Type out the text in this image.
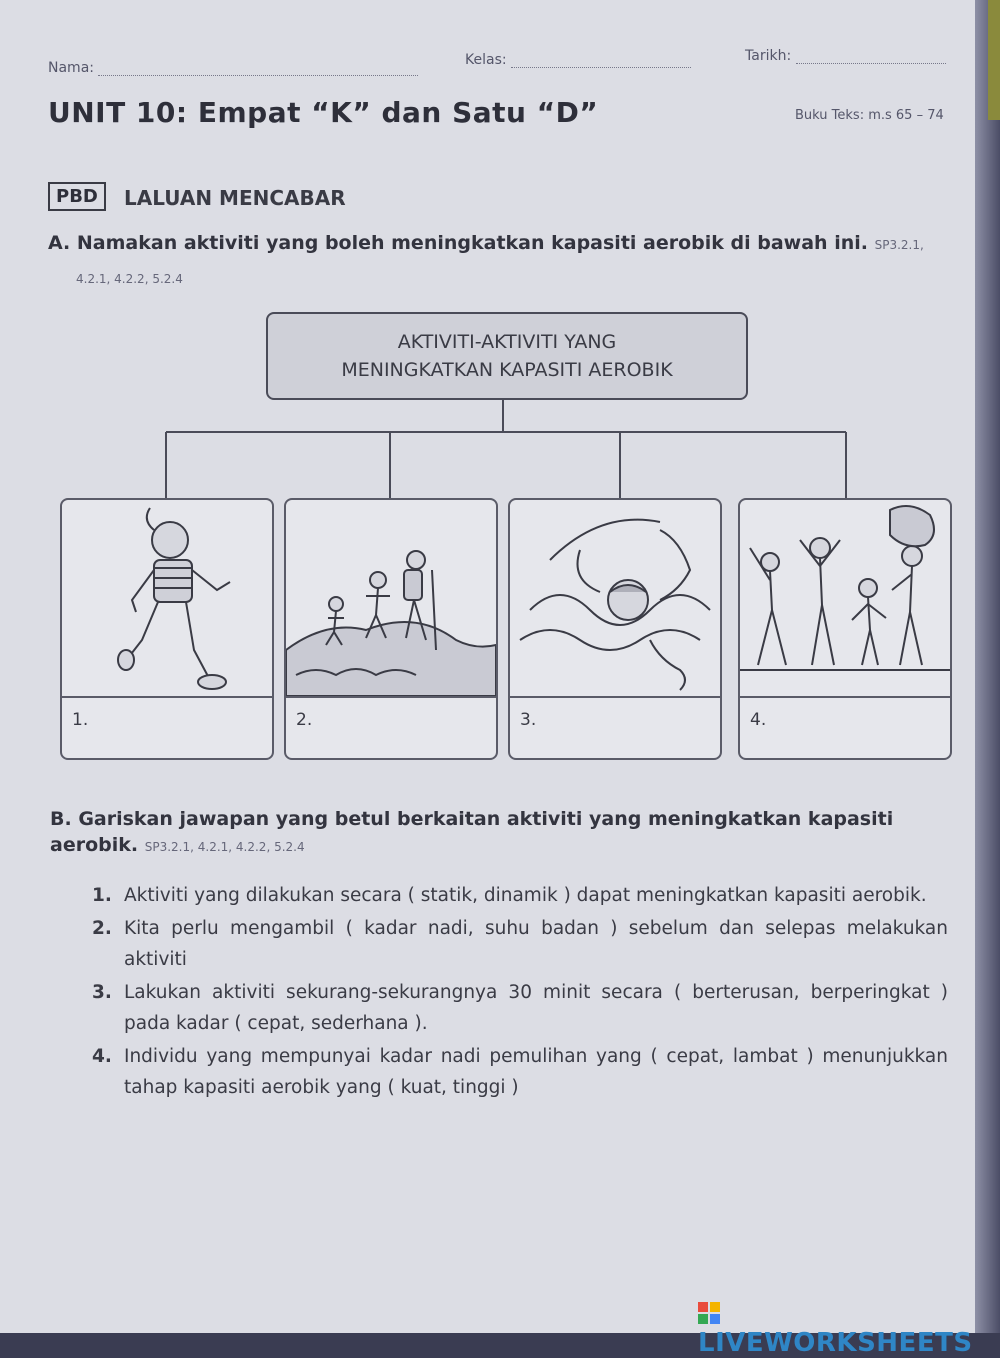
Nama:	Kelas:	Tarikh:
UNIT 10: Empat “K” dan Satu “D”	Buku Teks: m.s 65 – 74
PBD	LALUAN MENCABAR
A. Namakan aktiviti yang boleh meningkatkan kapasiti aerobik di bawah ini. SP3.2.1,
4.2.1, 4.2.2, 5.2.4
AKTIVITI-AKTIVITI YANG
MENINGKATKAN KAPASITI AEROBIK
1.	2.	3.	4.
B. Gariskan jawapan yang betul berkaitan aktiviti yang meningkatkan kapasiti aerobik. SP3.2.1, 4.2.1, 4.2.2, 5.2.4
1. Aktiviti yang dilakukan secara ( statik, dinamik ) dapat meningkatkan kapasiti aerobik.
2. Kita perlu mengambil ( kadar nadi, suhu badan ) sebelum dan selepas melakukan aktiviti
3. Lakukan aktiviti sekurang-sekurangnya 30 minit secara ( berterusan, berperingkat ) pada kadar ( cepat, sederhana ).
4. Individu yang mempunyai kadar nadi pemulihan yang ( cepat, lambat ) menunjukkan tahap kapasiti aerobik yang ( kuat, tinggi )
LIVEWORKSHEETS
